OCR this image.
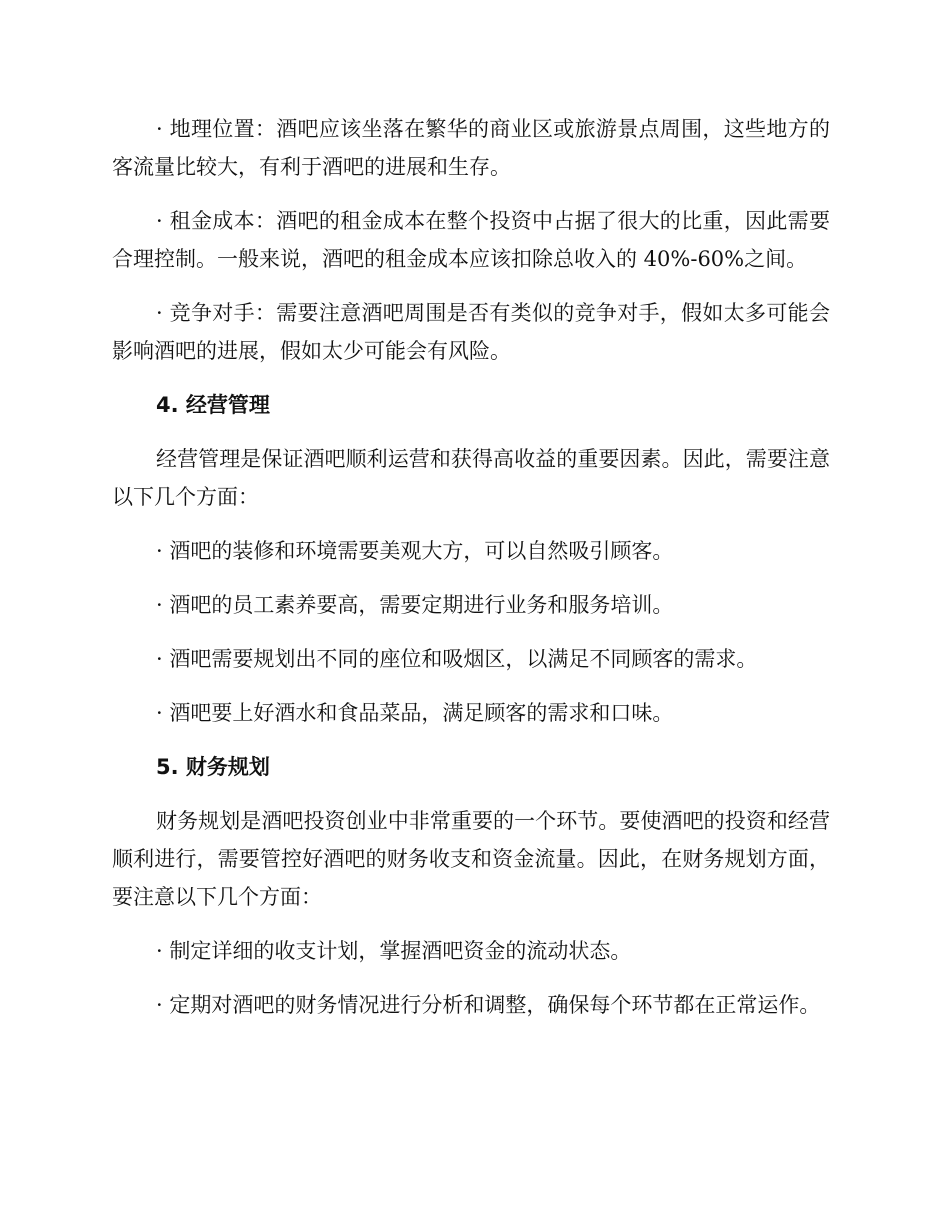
· 地理位置：酒吧应该坐落在繁华的商业区或旅游景点周围，这些地方的客流量比较大，有利于酒吧的进展和生存。

· 租金成本：酒吧的租金成本在整个投资中占据了很大的比重，因此需要合理控制。一般来说，酒吧的租金成本应该扣除总收入的 40%-60%之间。

· 竞争对手：需要注意酒吧周围是否有类似的竞争对手，假如太多可能会影响酒吧的进展，假如太少可能会有风险。

4. 经营管理

经营管理是保证酒吧顺利运营和获得高收益的重要因素。因此，需要注意以下几个方面：

· 酒吧的装修和环境需要美观大方，可以自然吸引顾客。

· 酒吧的员工素养要高，需要定期进行业务和服务培训。

· 酒吧需要规划出不同的座位和吸烟区，以满足不同顾客的需求。

· 酒吧要上好酒水和食品菜品，满足顾客的需求和口味。

5. 财务规划

财务规划是酒吧投资创业中非常重要的一个环节。要使酒吧的投资和经营顺利进行，需要管控好酒吧的财务收支和资金流量。因此，在财务规划方面，要注意以下几个方面：

· 制定详细的收支计划，掌握酒吧资金的流动状态。

· 定期对酒吧的财务情况进行分析和调整，确保每个环节都在正常运作。
